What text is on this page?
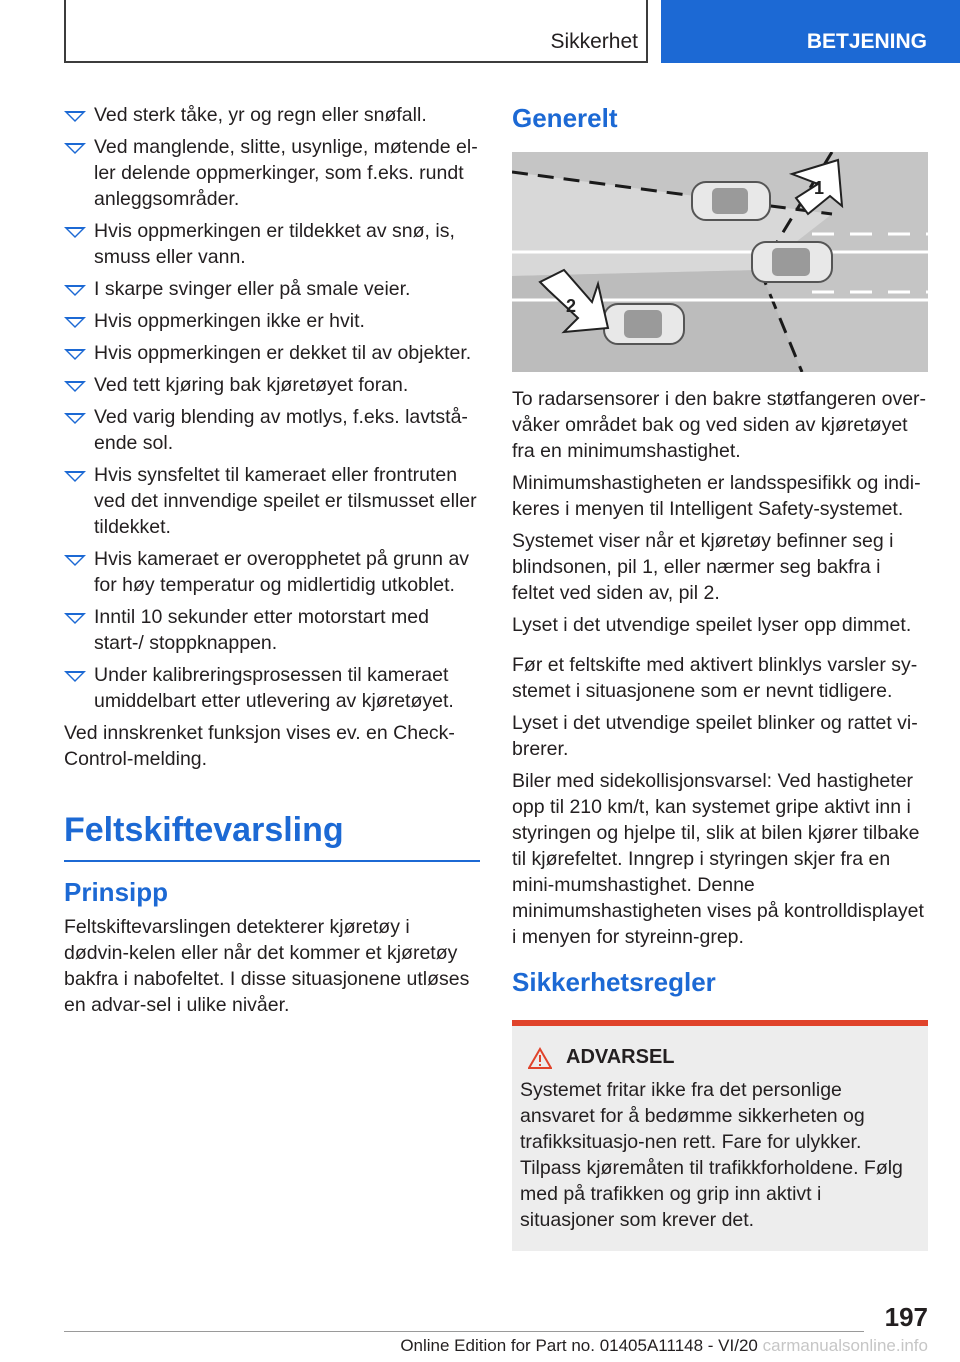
Sikkerhet	BETJENING
Ved sterk tåke, yr og regn eller snøfall.
Ved manglende, slitte, usynlige, møtende el-ler delende oppmerkinger, som f.eks. rundt anleggsområder.
Hvis oppmerkingen er tildekket av snø, is, smuss eller vann.
I skarpe svinger eller på smale veier.
Hvis oppmerkingen ikke er hvit.
Hvis oppmerkingen er dekket til av objekter.
Ved tett kjøring bak kjøretøyet foran.
Ved varig blending av motlys, f.eks. lavtstå-ende sol.
Hvis synsfeltet til kameraet eller frontruten ved det innvendige speilet er tilsmusset eller tildekket.
Hvis kameraet er overopphetet på grunn av for høy temperatur og midlertidig utkoblet.
Inntil 10 sekunder etter motorstart med start-/ stoppknappen.
Under kalibreringsprosessen til kameraet umiddelbart etter utlevering av kjøretøyet.

Ved innskrenket funksjon vises ev. en Check-Control-melding.

Feltskiftevarsling
Prinsipp

Feltskiftevarslingen detekterer kjøretøy i dødvin-kelen eller når det kommer et kjøretøy bakfra i nabofeltet. I disse situasjonene utløses en advar-sel i ulike nivåer.

Generelt
1
2

To radarsensorer i den bakre støtfangeren over-våker området bak og ved siden av kjøretøyet fra en minimumshastighet.

Minimumshastigheten er landsspesifikk og indi-keres i menyen til Intelligent Safety-systemet.

Systemet viser når et kjøretøy befinner seg i blindsonen, pil 1, eller nærmer seg bakfra i feltet ved siden av, pil 2.

Lyset i det utvendige speilet lyser opp dimmet.

Før et feltskifte med aktivert blinklys varsler sy-stemet i situasjonene som er nevnt tidligere.

Lyset i det utvendige speilet blinker og rattet vi-brerer.

Biler med sidekollisjonsvarsel: Ved hastigheter opp til 210 km/t, kan systemet gripe aktivt inn i styringen og hjelpe til, slik at bilen kjører tilbake til kjørefeltet. Inngrep i styringen skjer fra en mini-mumshastighet. Denne minimumshastigheten vises på kontrolldisplayet i menyen for styreinn-grep.

Sikkerhetsregler
ADVARSEL

Systemet fritar ikke fra det personlige ansvaret for å bedømme sikkerheten og trafikksituasjo-nen rett. Fare for ulykker. Tilpass kjøremåten til trafikkforholdene. Følg med på trafikken og grip inn aktivt i situasjoner som krever det.

197
Online Edition for Part no. 01405A11148 - VI/20 carmanualsonline.info
